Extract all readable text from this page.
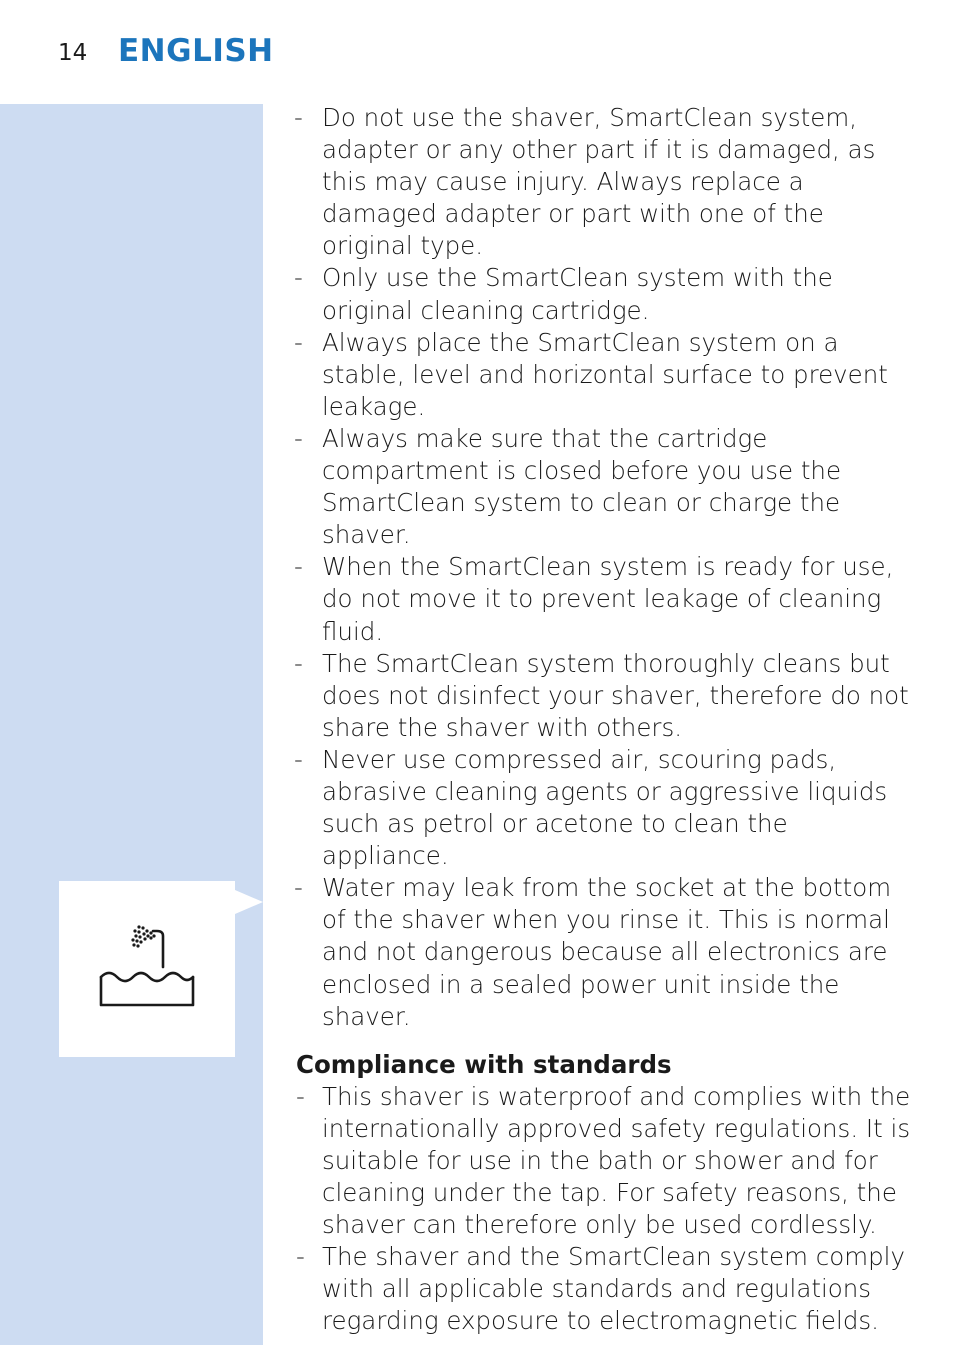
14 ENGLISH
- Do not use the shaver, SmartClean system, adapter or any other part if it is damaged, as this may cause injury. Always replace a damaged adapter or part with one of the original type.
- Only use the SmartClean system with the original cleaning cartridge.
- Always place the SmartClean system on a stable, level and horizontal surface to prevent leakage.
- Always make sure that the cartridge compartment is closed before you use the SmartClean system to clean or charge the shaver.
- When the SmartClean system is ready for use, do not move it to prevent leakage of cleaning fluid.
- The SmartClean system thoroughly cleans but does not disinfect your shaver, therefore do not share the shaver with others.
- Never use compressed air, scouring pads, abrasive cleaning agents or aggressive liquids such as petrol or acetone to clean the appliance.
- Water may leak from the socket at the bottom of the shaver when you rinse it. This is normal and not dangerous because all electronics are enclosed in a sealed power unit inside the shaver.
Compliance with standards
- This shaver is waterproof and complies with the internationally approved safety regulations. It is suitable for use in the bath or shower and for cleaning under the tap. For safety reasons, the shaver can therefore only be used cordlessly.
- The shaver and the SmartClean system comply with all applicable standards and regulations regarding exposure to electromagnetic fields.
